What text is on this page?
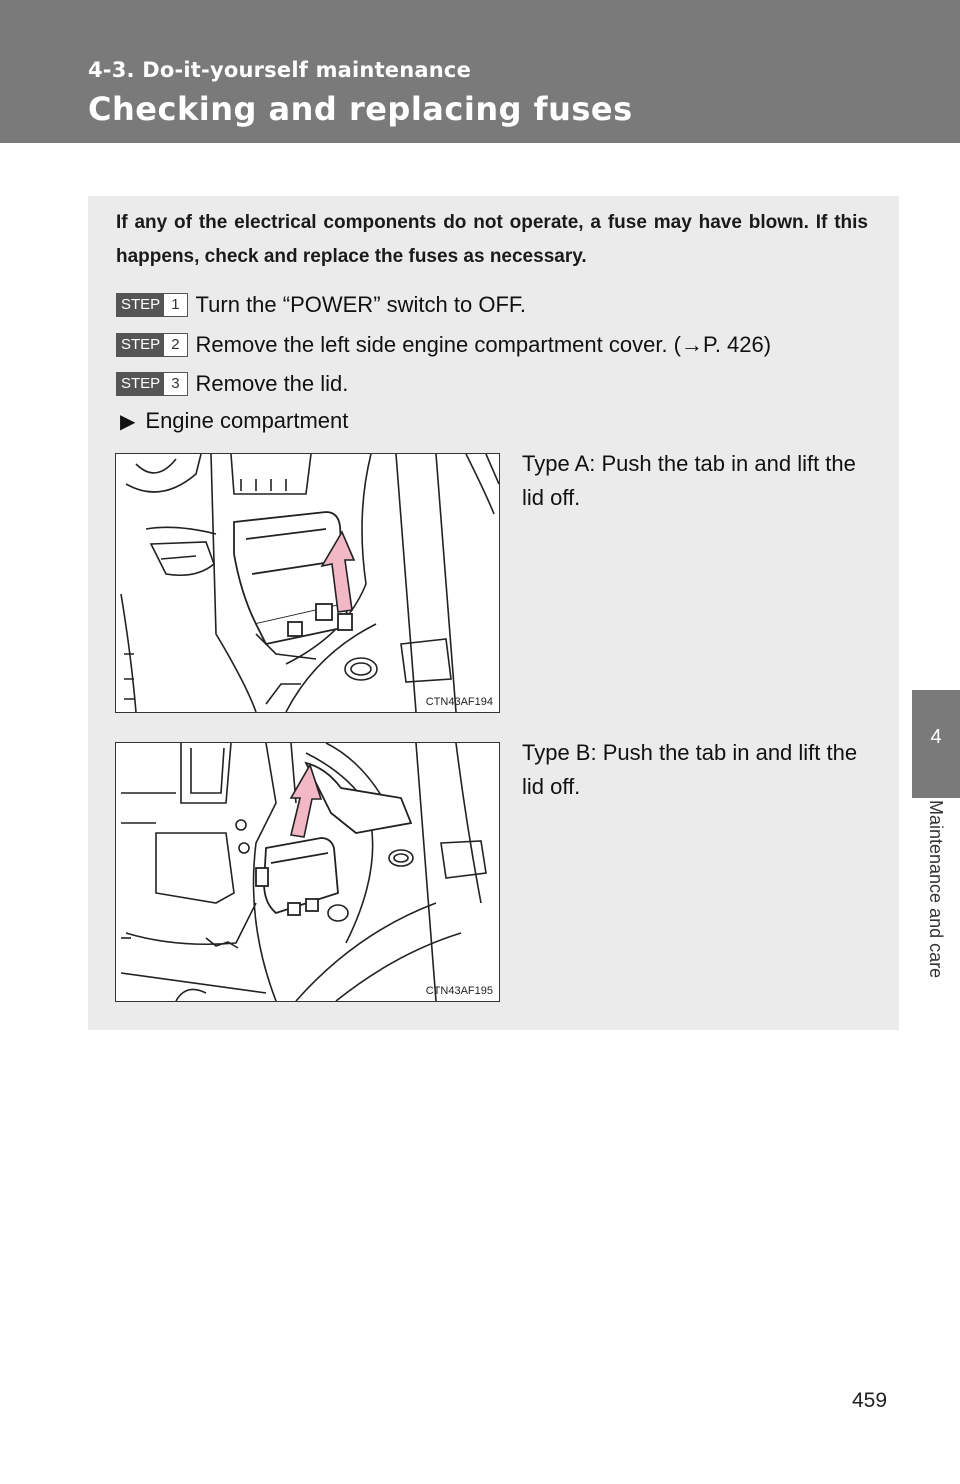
4-3. Do-it-yourself maintenance
Checking and replacing fuses
4
Maintenance and care
If any of the electrical components do not operate, a fuse may have blown. If this happens, check and replace the fuses as necessary.
STEP 1 Turn the “POWER” switch to OFF.
STEP 2 Remove the left side engine compartment cover. (→P. 426)
STEP 3 Remove the lid.
▶ Engine compartment
CTN43AF194
Type A: Push the tab in and lift the lid off.
CTN43AF195
Type B: Push the tab in and lift the lid off.
459
